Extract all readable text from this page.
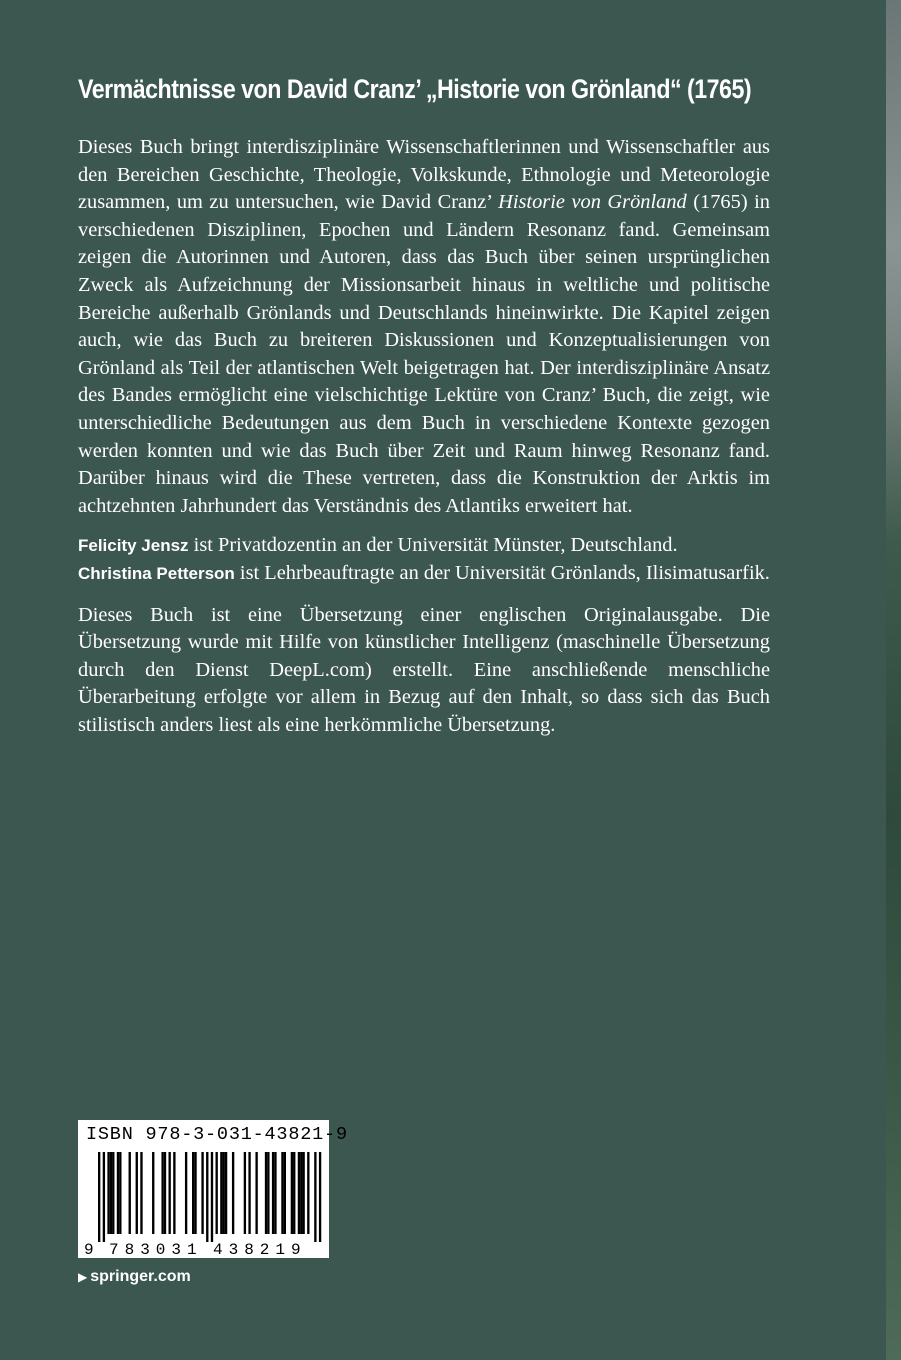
Vermächtnisse von David Cranz’ „Historie von Grönland“ (1765)

Dieses Buch bringt interdisziplinäre Wissenschaftlerinnen und Wissenschaftler aus den Bereichen Geschichte, Theologie, Volkskunde, Ethnologie und Meteorologie zusammen, um zu untersuchen, wie David Cranz’ Historie von Grönland (1765) in verschiedenen Disziplinen, Epochen und Ländern Resonanz fand. Gemeinsam zeigen die Autorinnen und Autoren, dass das Buch über seinen ursprünglichen Zweck als Aufzeichnung der Missionsarbeit hinaus in weltliche und politische Bereiche außerhalb Grönlands und Deutschlands hineinwirkte. Die Kapitel zeigen auch, wie das Buch zu breiteren Diskussionen und Konzeptualisierungen von Grönland als Teil der atlantischen Welt beigetragen hat. Der interdisziplinäre Ansatz des Bandes ermöglicht eine vielschichtige Lektüre von Cranz’ Buch, die zeigt, wie unterschiedliche Bedeutungen aus dem Buch in verschiedene Kontexte gezogen werden konnten und wie das Buch über Zeit und Raum hinweg Resonanz fand. Darüber hinaus wird die These vertreten, dass die Konstruktion der Arktis im achtzehnten Jahrhundert das Verständnis des Atlantiks erweitert hat.

Felicity Jensz ist Privatdozentin an der Universität Münster, Deutschland.
Christina Petterson ist Lehrbeauftragte an der Universität Grönlands, Ilisimatusarfik.

Dieses Buch ist eine Übersetzung einer englischen Originalausgabe. Die Übersetzung wurde mit Hilfe von künstlicher Intelligenz (maschinelle Übersetzung durch den Dienst DeepL.com) erstellt. Eine anschließende menschliche Überarbeitung erfolgte vor allem in Bezug auf den Inhalt, so dass sich das Buch stilistisch anders liest als eine herkömmliche Übersetzung.

ISBN 978-3-031-43821-9
9 783031 438219
▶ springer.com
